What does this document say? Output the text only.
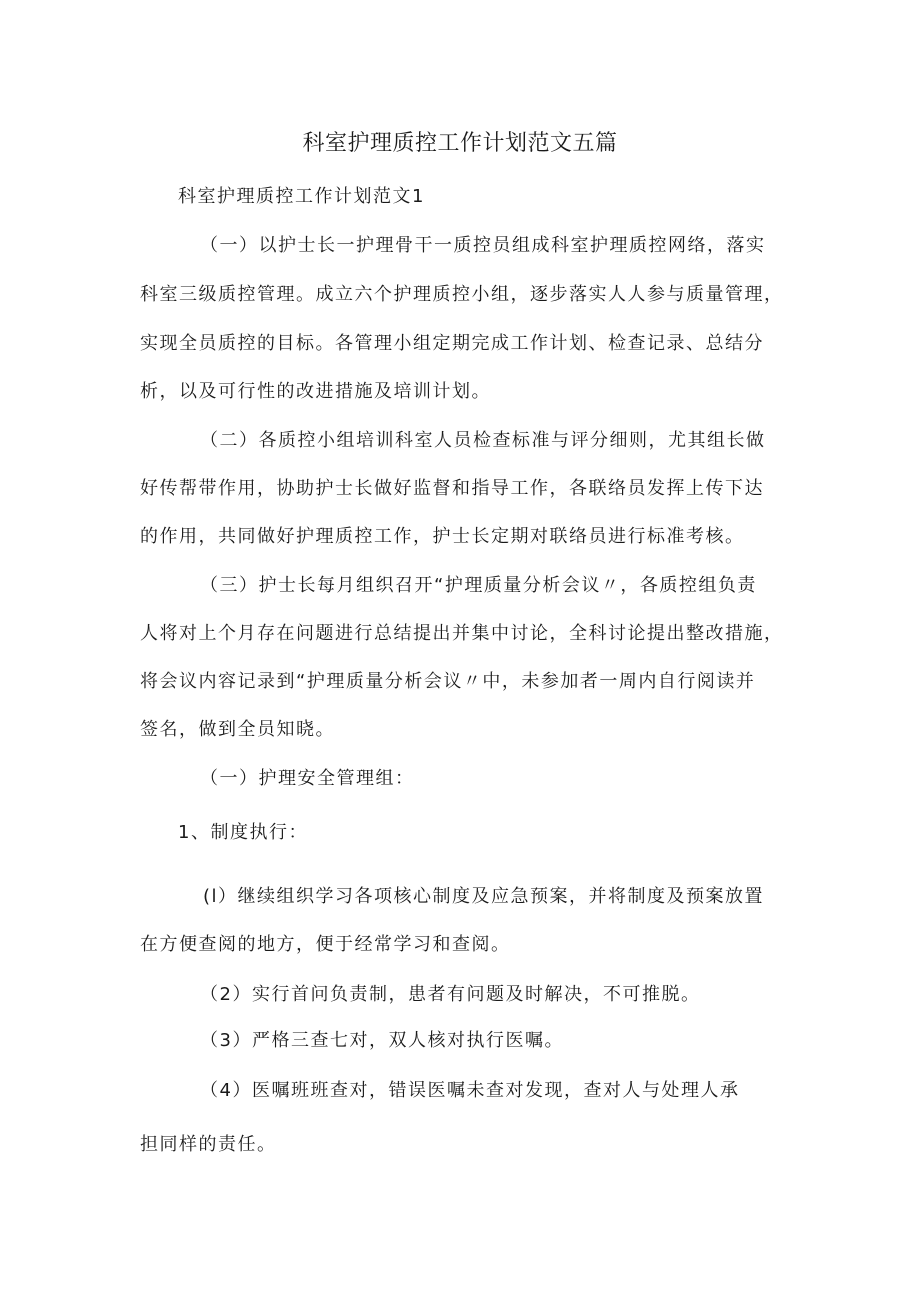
科室护理质控工作计划范文五篇
科室护理质控工作计划范文1
（一）以护士长一护理骨干一质控员组成科室护理质控网络，落实
科室三级质控管理。成立六个护理质控小组，逐步落实人人参与质量管理，
实现全员质控的目标。各管理小组定期完成工作计划、检查记录、总结分
析，以及可行性的改进措施及培训计划。
（二）各质控小组培训科室人员检查标准与评分细则，尤其组长做
好传帮带作用，协助护士长做好监督和指导工作，各联络员发挥上传下达
的作用，共同做好护理质控工作，护士长定期对联络员进行标准考核。
（三）护士长每月组织召开“护理质量分析会议〃，各质控组负责
人将对上个月存在问题进行总结提出并集中讨论，全科讨论提出整改措施，
将会议内容记录到“护理质量分析会议〃中，未参加者一周内自行阅读并
签名，做到全员知晓。
（一）护理安全管理组：
1、制度执行：
(l）继续组织学习各项核心制度及应急预案，并将制度及预案放置
在方便查阅的地方，便于经常学习和查阅。
（2）实行首问负责制，患者有问题及时解决，不可推脱。
（3）严格三查七对，双人核对执行医嘱。
（4）医嘱班班查对，错误医嘱未查对发现，查对人与处理人承
担同样的责任。
